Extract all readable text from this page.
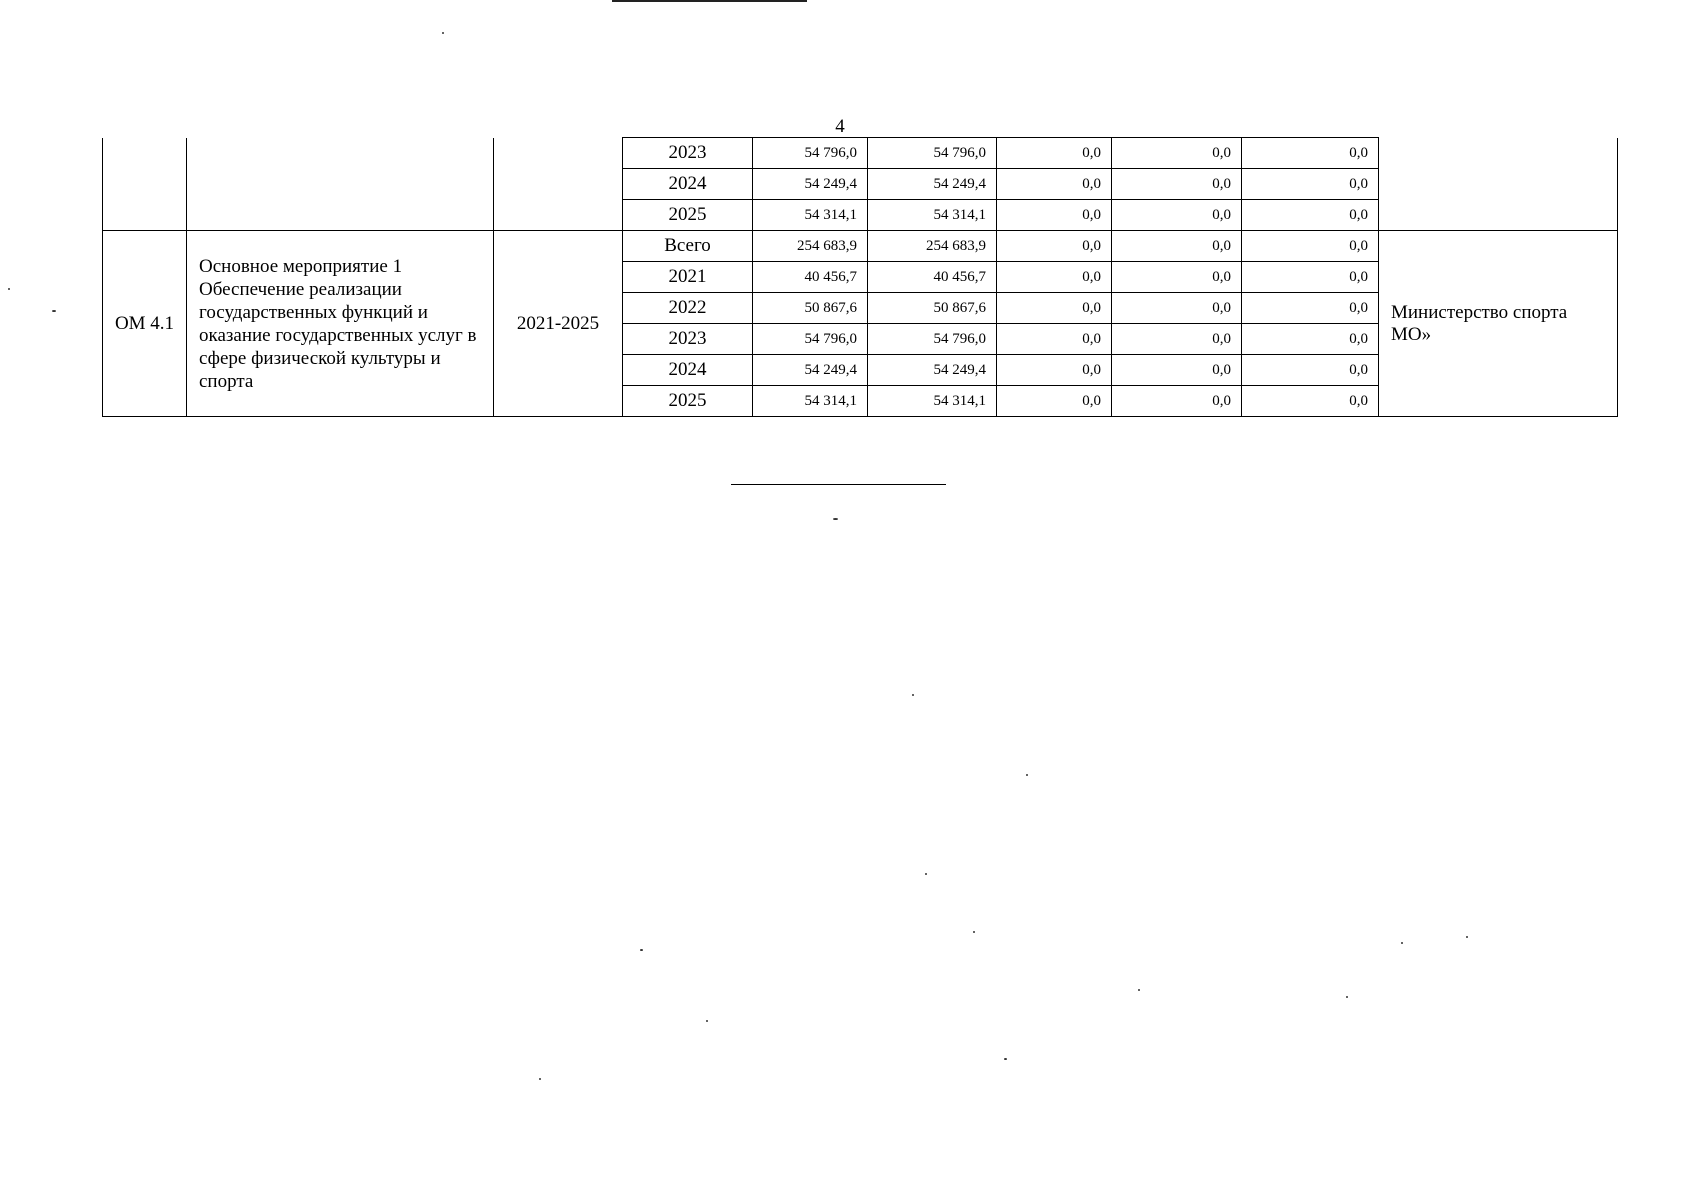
4
			2023	54 796,0	54 796,0	0,0	0,0	0,0	
			2024	54 249,4	54 249,4	0,0	0,0	0,0	
			2025	54 314,1	54 314,1	0,0	0,0	0,0	
ОМ 4.1	Основное мероприятие 1 Обеспечение реализации государственных функций и оказание государственных услуг в сфере физической культуры и спорта	2021-2025	Всего	254 683,9	254 683,9	0,0	0,0	0,0	Министерство спорта МО»
			2021	40 456,7	40 456,7	0,0	0,0	0,0	
			2022	50 867,6	50 867,6	0,0	0,0	0,0	
			2023	54 796,0	54 796,0	0,0	0,0	0,0	
			2024	54 249,4	54 249,4	0,0	0,0	0,0	
			2025	54 314,1	54 314,1	0,0	0,0	0,0	
